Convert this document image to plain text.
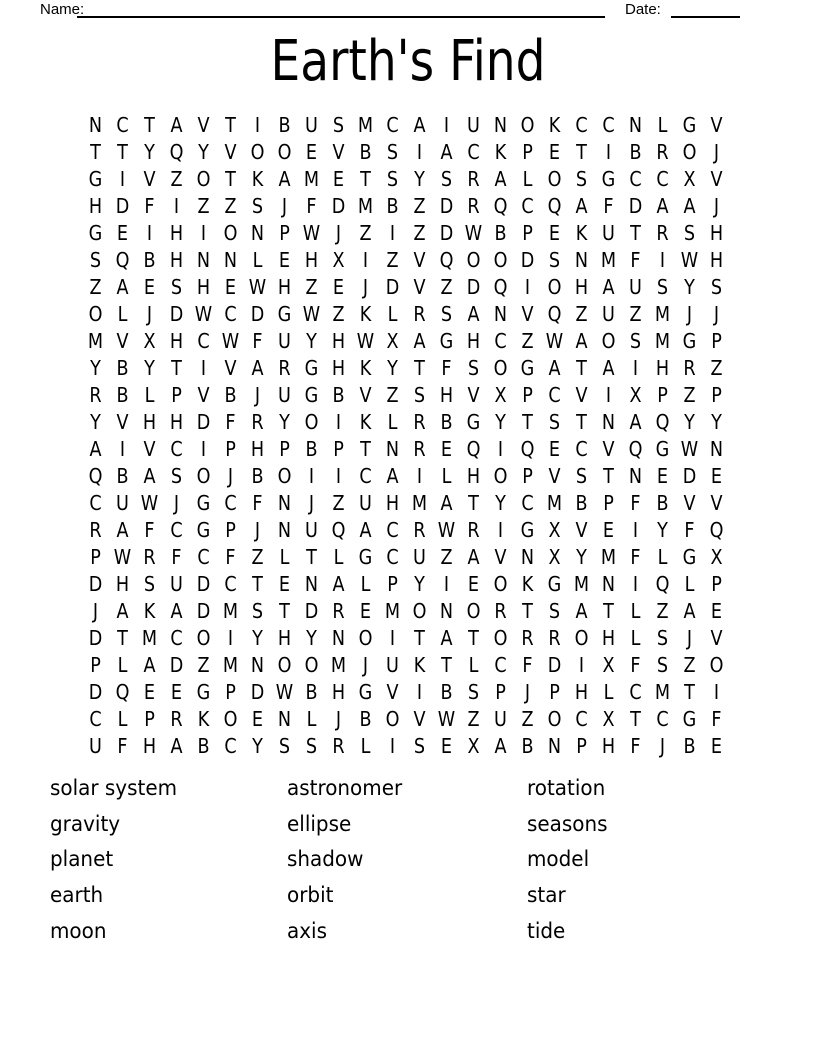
Name:	Date:
Earth's Find
N C T A V T I B U S M C A I U N O K C C N L G V
T T Y Q Y V O O E V B S I A C K P E T I B R O J
G I V Z O T K A M E T S Y S R A L O S G C C X V
H D F I Z Z S J F D M B Z D R Q C Q A F D A A J
G E I H I O N P W J Z I Z D W B P E K U T R S H
S Q B H N N L E H X I Z V Q O O D S N M F I W H
Z A E S H E W H Z E J D V Z D Q I O H A U S Y S
O L J D W C D G W Z K L R S A N V Q Z U Z M J	J
M V X H C W F U Y H W X A G H C Z W A O S M G P
Y B Y T I V A R G H K Y T F S O G A T A I H R Z
R B L P V B J U G B V Z S H V X P C V I X P Z P
Y V H H D F R Y O I K L R B G Y T S T N A Q Y Y
A I V C I P H P B P T N R E Q I Q E C V Q G W N
Q B A S O J B O I	I C A I L H O P V S T N E D E
C U W J G C F N J Z U H M A T Y C M B P F B V V
R A F C G P J N U Q A C R W R I G X V E I Y F Q
P W R F C F Z L T L G C U Z A V N X Y M F L G X
D H S U D C T E N A L P Y I E O K G M N I Q L P
J A K A D M S T D R E M O N O R T S A T L Z A E
D T M C O I Y H Y N O I T A T O R R O H L S J V
P L A D Z M N O O M J U K T L C F D I X F S Z O
D Q E E G P D W B H G V I B S P J P H L C M T I
C L P R K O E N L J B O V W Z U Z O C X T C G F
U F H A B C Y S S R L I S E X A B N P H F J B E
solar system
gravity
planet
earth
moon
astronomer
ellipse
shadow
orbit
axis
rotation
seasons
model
star
tide
